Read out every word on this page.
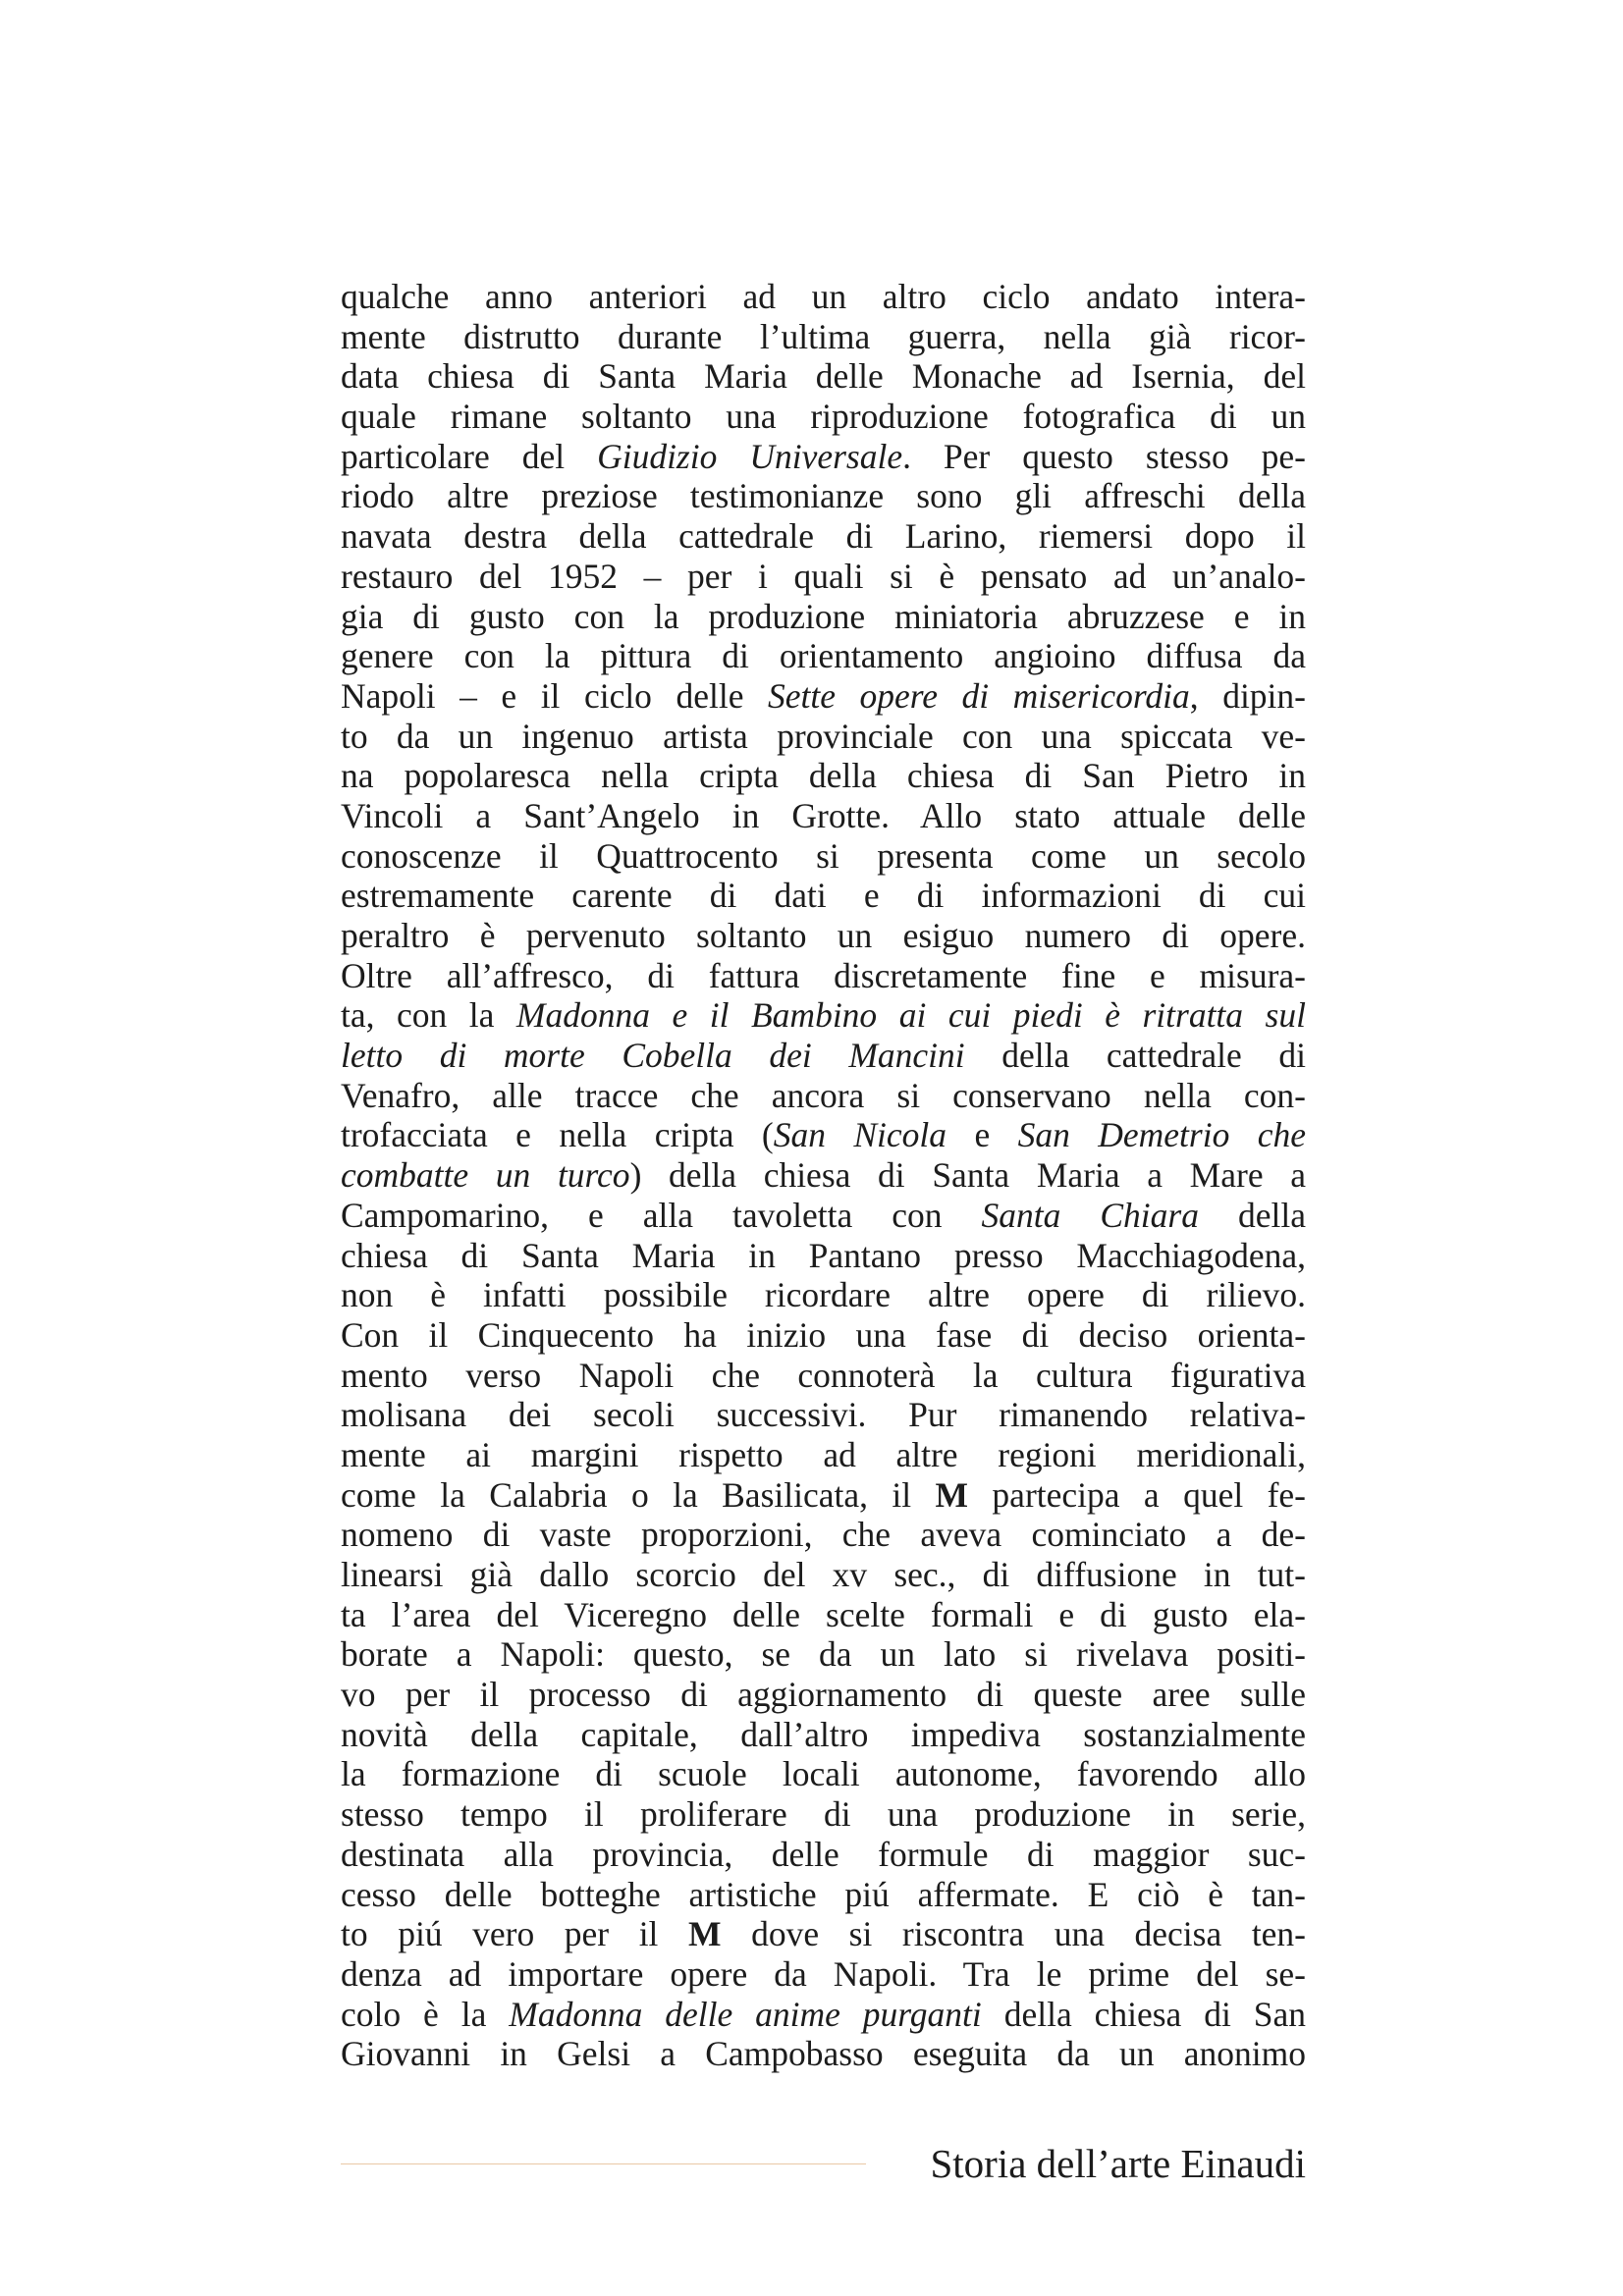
qualche anno anteriori ad un altro ciclo andato intera-
mente distrutto durante l’ultima guerra, nella già ricor-
data chiesa di Santa Maria delle Monache ad Isernia, del
quale rimane soltanto una riproduzione fotografica di un
particolare del Giudizio Universale. Per questo stesso pe-
riodo altre preziose testimonianze sono gli affreschi della
navata destra della cattedrale di Larino, riemersi dopo il
restauro del 1952 – per i quali si è pensato ad un’analo-
gia di gusto con la produzione miniatoria abruzzese e in
genere con la pittura di orientamento angioino diffusa da
Napoli – e il ciclo delle Sette opere di misericordia, dipin-
to da un ingenuo artista provinciale con una spiccata ve-
na popolaresca nella cripta della chiesa di San Pietro in
Vincoli a Sant’Angelo in Grotte. Allo stato attuale delle
conoscenze il Quattrocento si presenta come un secolo
estremamente carente di dati e di informazioni di cui
peraltro è pervenuto soltanto un esiguo numero di opere.
Oltre all’affresco, di fattura discretamente fine e misura-
ta, con la Madonna e il Bambino ai cui piedi è ritratta sul
letto di morte Cobella dei Mancini della cattedrale di
Venafro, alle tracce che ancora si conservano nella con-
trofacciata e nella cripta (San Nicola e San Demetrio che
combatte un turco) della chiesa di Santa Maria a Mare a
Campomarino, e alla tavoletta con Santa Chiara della
chiesa di Santa Maria in Pantano presso Macchiagodena,
non è infatti possibile ricordare altre opere di rilievo.
Con il Cinquecento ha inizio una fase di deciso orienta-
mento verso Napoli che connoterà la cultura figurativa
molisana dei secoli successivi. Pur rimanendo relativa-
mente ai margini rispetto ad altre regioni meridionali,
come la Calabria o la Basilicata, il M partecipa a quel fe-
nomeno di vaste proporzioni, che aveva cominciato a de-
linearsi già dallo scorcio del xv sec., di diffusione in tut-
ta l’area del Viceregno delle scelte formali e di gusto ela-
borate a Napoli: questo, se da un lato si rivelava positi-
vo per il processo di aggiornamento di queste aree sulle
novità della capitale, dall’altro impediva sostanzialmente
la formazione di scuole locali autonome, favorendo allo
stesso tempo il proliferare di una produzione in serie,
destinata alla provincia, delle formule di maggior suc-
cesso delle botteghe artistiche piú affermate. E ciò è tan-
to piú vero per il M dove si riscontra una decisa ten-
denza ad importare opere da Napoli. Tra le prime del se-
colo è la Madonna delle anime purganti della chiesa di San
Giovanni in Gelsi a Campobasso eseguita da un anonimo
Storia dell’arte Einaudi
